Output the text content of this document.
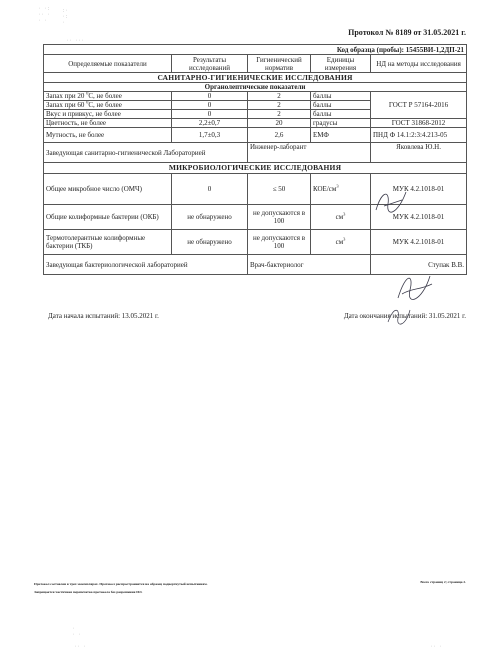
· ·:
·· ·
· ·
:·
·:
·
·· ···
·
· ·
·· ·	·· ·
Протокол № 8189 от 31.05.2021 г.
Код образца (пробы): 15455ВИ-1,2ДП-21				
Определяемые показатели	Результаты исследований	Гигиенический норматив	Единицы измерения	НД на методы исследования
САНИТАРНО-ГИГИЕНИЧЕСКИЕ ИССЛЕДОВАНИЯ				
Органолептические показатели				
Запах при 20 $^0$С, не более	0	2	баллы	ГОСТ Р 57164-2016
Запах при 60 $^0$С, не более	0	2	баллы	
Вкус и привкус, не более	0	2	баллы	
Цветность, не более	2,2±0,7	20	градусы	ГОСТ 31868-2012
Мутность, не более	1,7±0,3	2,6	ЕМФ	ПНД Ф 14.1:2:3:4.213-05
Заведующая санитарно-гигиенической Лабораторией		Инженер-лаборант		Яковлева Ю.Н.
МИКРОБИОЛОГИЧЕСКИЕ ИССЛЕДОВАНИЯ				
Общее микробное число (ОМЧ)	0	≤ 50	КОЕ/$см^3$	МУК 4.2.1018-01
Общие колиформные бактерии (ОКБ)	не обнаружено	не допускаются в 100	$см^3$	МУК 4.2.1018-01
Термотолерантные колиформные бактерии (ТКБ)	не обнаружено	не допускаются в 100	$см^3$	МУК 4.2.1018-01
Заведующая бактериологической лабораторией		Врач-бактериолог		Ступак В.В.
Дата начала испытаний: 13.05.2021 г.	Дата окончания испытаний: 31.05.2021 г.
Протокол составлен в трех экземплярах. Протокол распространяется на образец подвергнутый испытаниям.
Запрещается частичная перепечатка протокола без разрешения ИЛ.
Всего страниц 2; страница 2.
